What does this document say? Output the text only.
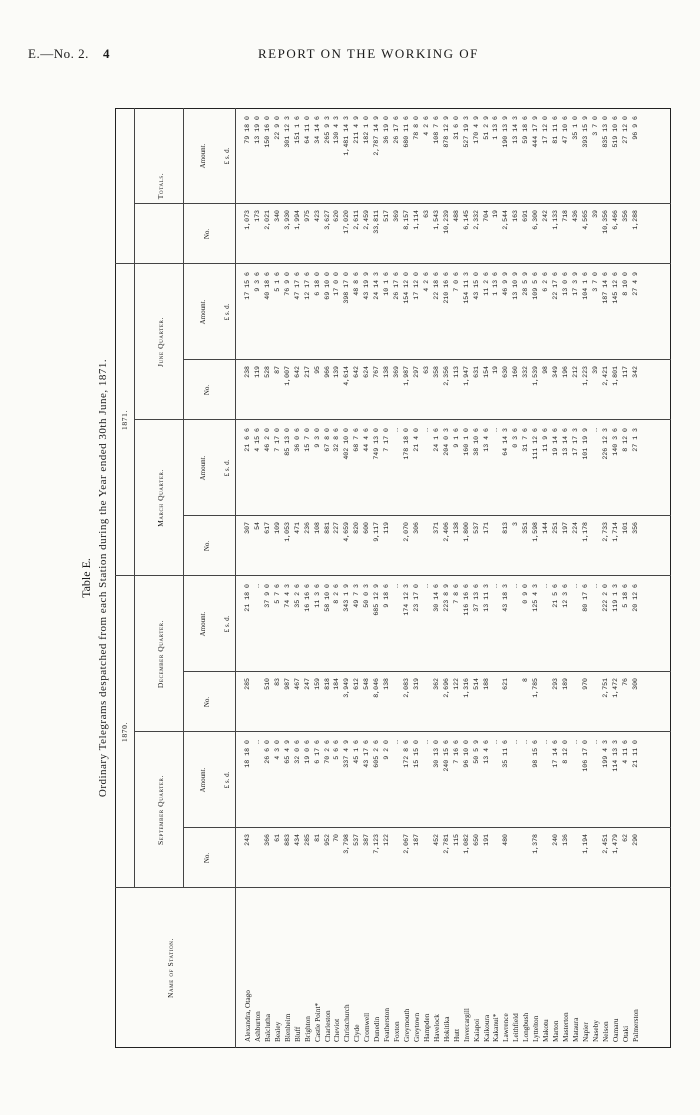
E.—No. 2. 4	REPORT ON THE WORKING OF
Table E. Ordinary Telegrams despatched from each Station during the Year ended 30th June, 1871.
Name of Station.
1870.
1871.
September Quarter.
December Quarter.
March Quarter.
June Quarter.
Totals.
No.
Amount. £ s. d.
No.
Amount. £ s. d.
No.
Amount. £ s. d.
No.
Amount. £ s. d.
No.
Amount. £ s. d.
Alexandra, Otago
243
18 18 0
285
21 18 0
307
21 6 6
238
17 15 6
1,073
79 18 0
Ashburton
…
…
54
4 15 6
119
9 3 6
173
13 19 0
Balclutha
366
26 6 0
510
37 9 0
617
46 2 0
528
40 18 6
2,021
150 16 0
Bealey
61
4 3 0
83
5 7 6
109
7 17 0
87
5 1 6
340
22 9 0
Blenheim
883
65 4 9
987
74 4 3
1,053
85 13 0
1,007
76 9 0
3,930
301 12 3
Bluff
434
32 0 6
467
35 2 6
471
36 0 6
642
47 17 6
1,994
151 1 6
Brighton
285
19 0 6
247
16 16 6
236
15 7 0
217
12 17 6
975
64 11 0
Castle Point*
81
6 17 6
159
11 3 6
108
9 3 0
95
6 18 0
423
34 14 6
Charleston
952
70 2 6
818
58 10 0
881
67 8 0
966
69 10 0
3,627
265 9 3
Cheviot
70
5 6 6
184
8 2 6
227
32 8 6
139
17 0 0
620
130 4 3
Christchurch
3,798
337 4 9
3,949
343 1 9
4,659
402 10 0
4,614
398 17 0
17,020
1,481 14 3
Clyde
537
45 1 6
612
49 7 3
820
68 7 6
642
48 8 6
2,611
211 4 9
Cromwell
387
43 17 6
548
50 0 3
600
44 4 6
624
43 19 9
2,459
182 1 0
Dunedin
7,123
605 2 6
8,046
685 12 9
9,117
749 13 0
767
24 14 3
33,811
2,787 14 9
Featherston
122
9 2 0
138
9 18 6
119
7 17 0
138
10 1 6
517
36 19 0
Foxton
…
…
…
369
26 17 6
369
26 17 6
Greymouth
2,067
172 8 6
2,083
174 12 3
2,070
178 18 0
1,987
154 12 0
8,157
680 11 6
Greytown
187
15 15 0
319
23 17 0
306
21 4 0
297
17 12 0
1,114
78 8 0
Hampden
…
…
…
63
4 2 6
63
4 2 6
Havelock
452
30 13 0
362
30 14 6
371
24 1 6
358
22 18 6
1,543
108 7 6
Hokitika
2,781
240 15 6
2,696
223 8 9
2,406
204 0 3
2,356
210 16 6
10,239
878 12 9
Hutt
115
7 16 6
122
7 8 6
138
9 1 6
113
7 0 6
488
31 6 0
Invercargill
1,082
96 10 0
1,316
116 16 6
1,800
160 1 0
1,947
154 11 3
6,145
527 19 3
Kaiapoi
650
50 5 9
514
37 13 6
537
38 10 6
631
43 15 0
2,332
170 4 9
Kaikoura
191
13 4 6
188
13 11 3
171
13 4 6
154
11 2 6
704
51 2 9
Kakanui*
…
…
…
19
1 13 6
19
1 13 6
Lawrence
480
35 11 6
621
43 18 3
813
64 14 3
630
46 9 9
2,544
190 13 9
Leithfield
…
…
3
0 3 6
160
13 10 9
163
13 14 3
Longbush
…
8
0 9 0
351
31 7 6
332
28 5 9
691
59 18 6
Lyttelton
1,378
98 15 6
1,785
125 4 3
1,598
111 12 6
1,539
109 5 6
6,300
444 17 9
Makotu
…
…
144
11 9 6
98
6 2 6
242
17 12 0
Marton
240
17 14 6
293
21 5 6
251
19 14 6
349
22 17 6
1,133
81 11 6
Masterton
136
8 12 0
189
12 3 6
197
13 14 6
196
13 0 6
718
47 10 6
Mataura
…
…
224
17 17 3
212
17 3 9
436
35 1 0
Napier
1,194
106 17 0
970
80 17 6
1,178
101 19 9
1,223
104 1 6
4,565
393 15 9
Naseby
…
…
…
39
3 7 0
39
3 7 0
Nelson
2,451
199 4 3
2,751
222 2 0
2,733
226 12 3
2,421
187 14 6
10,356
835 13 0
Oamaru
1,479
114 13 3
1,472
119 1 3
1,714
140 3 6
1,801
145 12 6
6,466
519 10 6
Otaki
62
4 11 6
76
5 18 6
101
8 12 0
117
8 10 0
356
27 12 0
Palmerston
290
21 11 0
300
20 12 6
356
27 1 3
342
27 4 9
1,288
96 9 6
